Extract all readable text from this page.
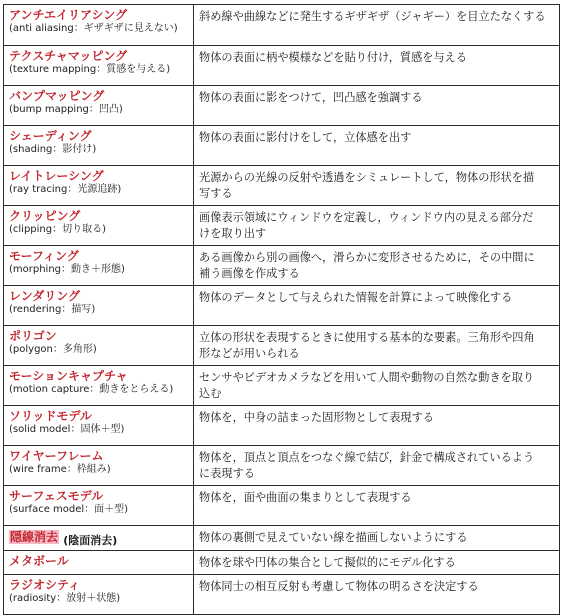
アンチエイリアシング
(anti aliasing：ギザギザに見えない)	斜め線や曲線などに発生するギザギザ（ジャギー）を目立たなくする

テクスチャマッピング
(texture mapping：質感を与える)	物体の表面に柄や模様などを貼り付け，質感を与える

バンプマッピング
(bump mapping：凹凸)	物体の表面に影をつけて，凹凸感を強調する

シェーディング
(shading：影付け)	物体の表面に影付けをして，立体感を出す

レイトレーシング
(ray tracing：光源追跡)	光源からの光線の反射や透過をシミュレートして，物体の形状を描
写する

クリッピング
(clipping：切り取る)	画像表示領域にウィンドウを定義し，ウィンドウ内の見える部分だ
けを取り出す

モーフィング
(morphing：動き＋形態)	ある画像から別の画像へ，滑らかに変形させるために，その中間に
補う画像を作成する

レンダリング
(rendering：描写)	物体のデータとして与えられた情報を計算によって映像化する

ポリゴン
(polygon：多角形)	立体の形状を表現するときに使用する基本的な要素。三角形や四角
形などが用いられる

モーションキャプチャ
(motion capture：動きをとらえる)	センサやビデオカメラなどを用いて人間や動物の自然な動きを取り
込む

ソリッドモデル
(solid model：固体＋型)	物体を，中身の詰まった固形物として表現する

ワイヤーフレーム
(wire frame：枠組み)	物体を，頂点と頂点をつなぐ線で結び，針金で構成されているよう
に表現する

サーフェスモデル
(surface model：面＋型)	物体を，面や曲面の集まりとして表現する

隠線消去 (陰面消去)	物体の裏側で見えていない線を描画しないようにする

メタボール	物体を球や円体の集合として擬似的にモデル化する

ラジオシティ
(radiosity：放射＋状態)	物体同士の相互反射も考慮して物体の明るさを決定する
